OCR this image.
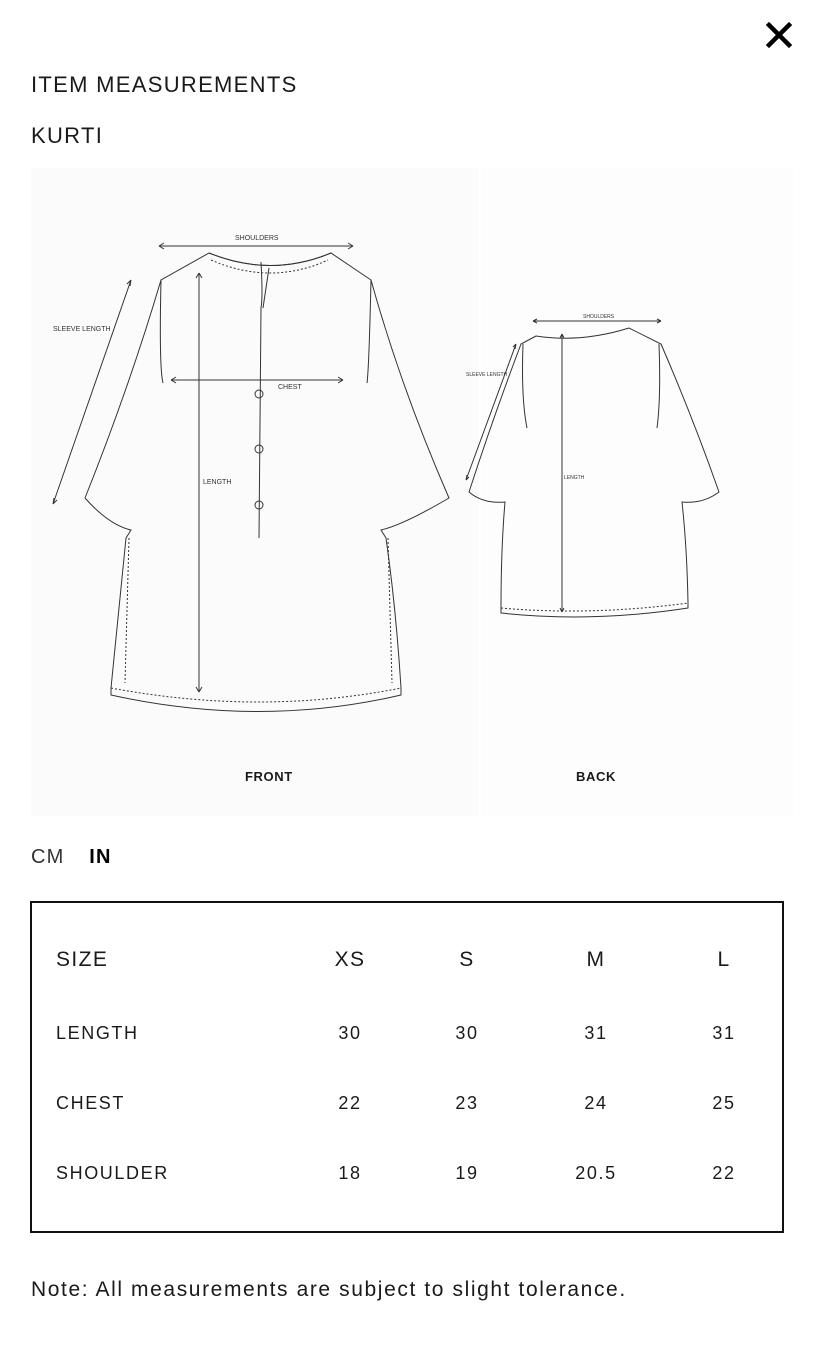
ITEM MEASUREMENTS
KURTI
SHOULDERS
SLEEVE LENGTH
CHEST
LENGTH
SHOULDERS
SLEEVE LENGTH
LENGTH
FRONT	BACK
CM IN
SIZE	XS	S	M	L
LENGTH	30	30	31	31
CHEST	22	23	24	25
SHOULDER	18	19	20.5	22
Note: All measurements are subject to slight tolerance.
